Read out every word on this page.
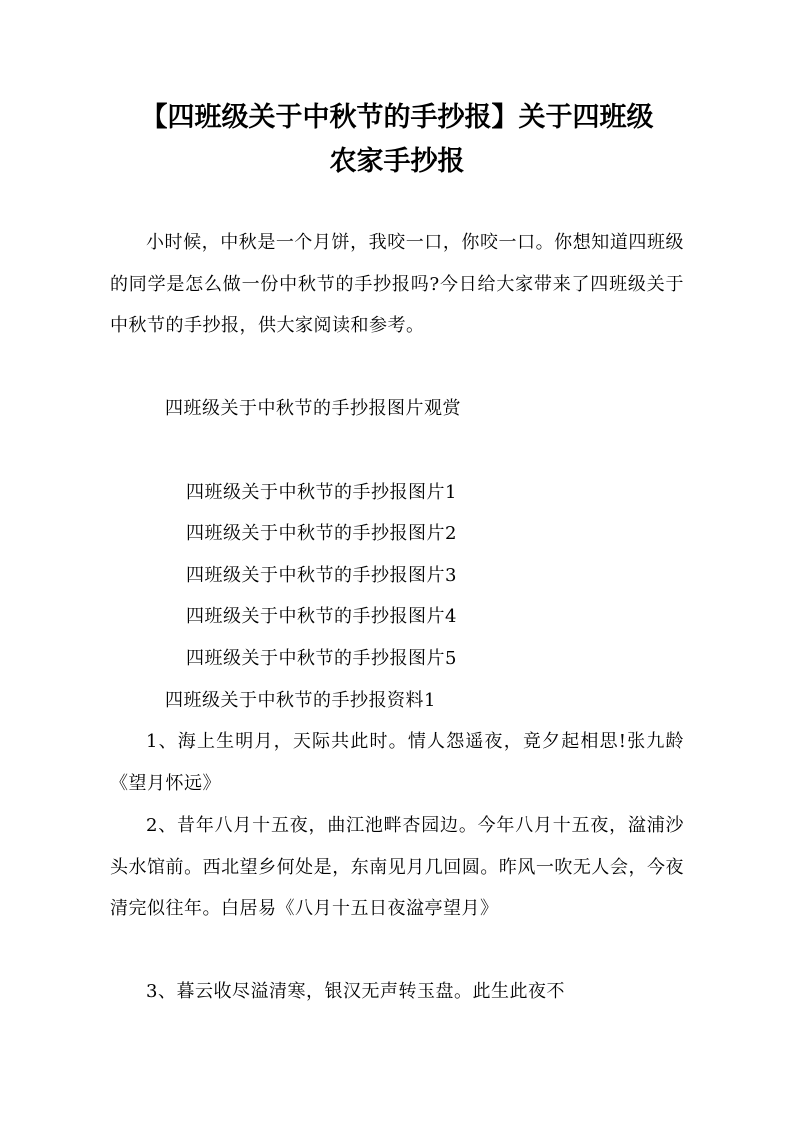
【四班级关于中秋节的手抄报】关于四班级
农家手抄报

小时候，中秋是一个月饼，我咬一口，你咬一口。你想知道四班级的同学是怎么做一份中秋节的手抄报吗?今日给大家带来了四班级关于中秋节的手抄报，供大家阅读和参考。

四班级关于中秋节的手抄报图片观赏

四班级关于中秋节的手抄报图片1

四班级关于中秋节的手抄报图片2

四班级关于中秋节的手抄报图片3

四班级关于中秋节的手抄报图片4

四班级关于中秋节的手抄报图片5

四班级关于中秋节的手抄报资料1

1、海上生明月，天际共此时。情人怨遥夜，竟夕起相思!张九龄《望月怀远》

2、昔年八月十五夜，曲江池畔杏园边。今年八月十五夜，湓浦沙头水馆前。西北望乡何处是，东南见月几回圆。昨风一吹无人会，今夜清完似往年。白居易《八月十五日夜湓亭望月》

3、暮云收尽溢清寒，银汉无声转玉盘。此生此夜不
